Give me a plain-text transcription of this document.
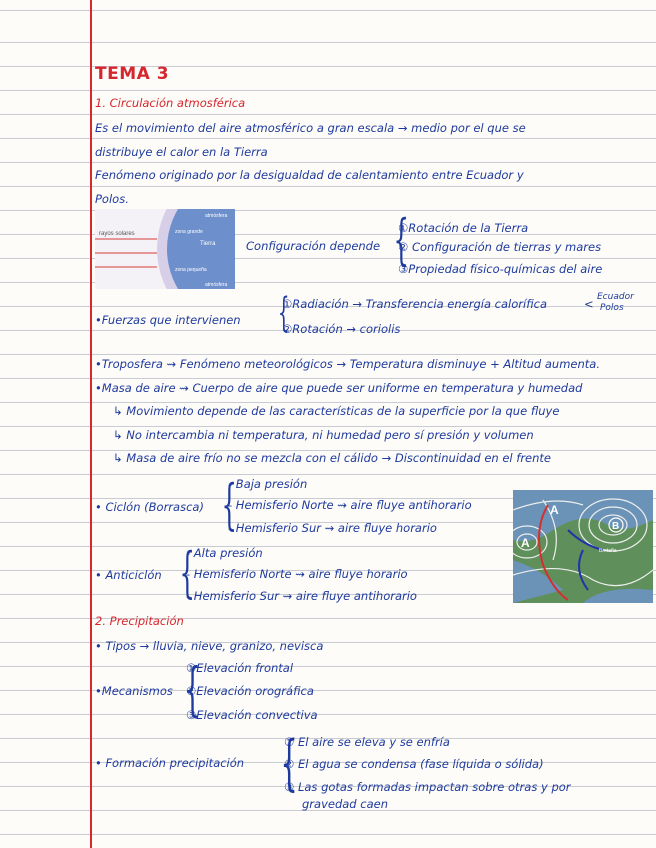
TEMA 3
1. Circulación atmosférica
Es el movimiento del aire atmosférico a gran escala → medio por el que se
distribuye el calor en la Tierra
Fenómeno originado por la desigualdad de calentamiento entre Ecuador y
Polos.
rayos solares
Tierra
zona grande
zona pequeña
atmósfera
atmósfera
Configuración depende {
①Rotación de la Tierra
② Configuración de tierras y mares
③Propiedad físico-químicas del aire
•Fuerzas que intervienen {
①Radiación → Transferencia energía calorífica
②Rotación → coriolis
< Ecuador
Polos
•Troposfera ⇝ Fenómeno meteorológicos → Temperatura disminuye + Altitud aumenta.
•Masa de aire ⇝ Cuerpo de aire que puede ser uniforme en temperatura y humedad
↳ Movimiento depende de las características de la superficie por la que fluye
↳ No intercambia ni temperatura, ni humedad pero sí presión y volumen
↳ Masa de aire frío no se mezcla con el cálido → Discontinuidad en el frente
• Ciclón (Borrasca) {
- Baja presión
- Hemisferio Norte ⇝ aire fluye antihorario
- Hemisferio Sur ⇝ aire fluye horario
A
A
B
Bretaña
• Anticiclón {
- Alta presión
- Hemisferio Norte ⇝ aire fluye horario
- Hemisferio Sur ⇝ aire fluye antihorario
2. Precipitación
• Tipos → lluvia, nieve, granizo, nevisca
•Mecanismos {
①Elevación frontal
②Elevación orográfica
③Elevación convectiva
• Formación precipitación {
① El aire se eleva y se enfría
② El agua se condensa (fase líquida o sólida)
③ Las gotas formadas impactan sobre otras y por
gravedad caen
